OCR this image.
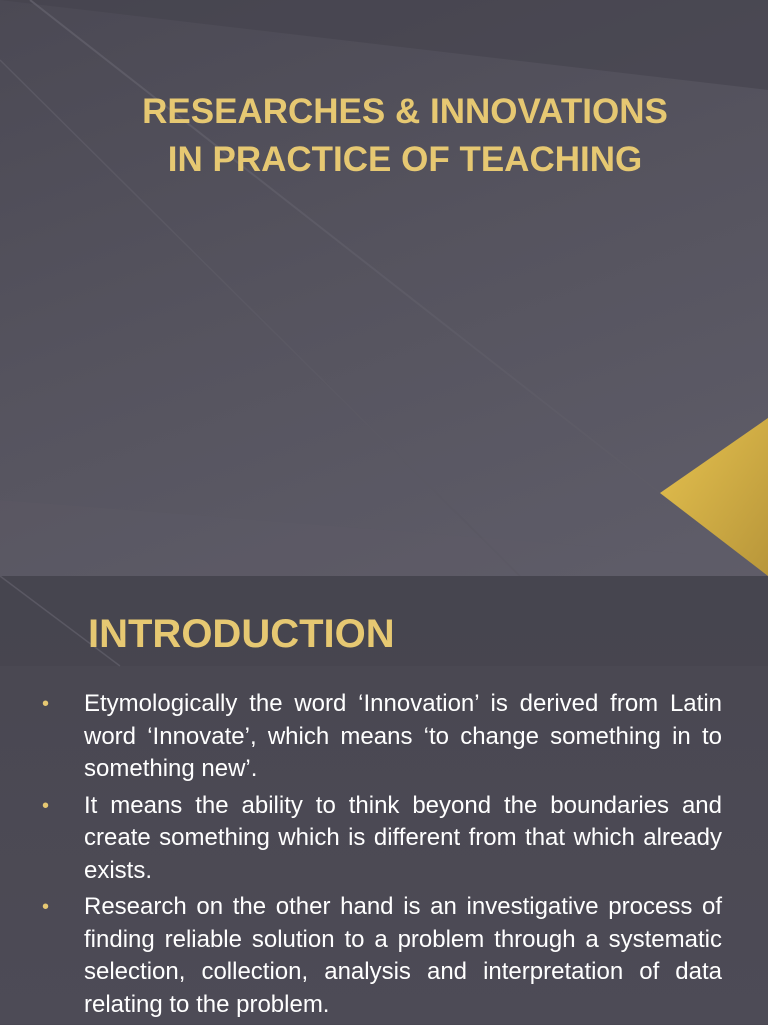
RESEARCHES & INNOVATIONS
IN PRACTICE OF TEACHING
INTRODUCTION
• Etymologically the word ‘Innovation’ is derived from Latin word ‘Innovate’, which means ‘to change something in to something new’.
• It means the ability to think beyond the boundaries and create something which is different from that which already exists.
• Research on the other hand is an investigative process of finding reliable solution to a problem through a systematic selection, collection, analysis and interpretation of data relating to the problem.
